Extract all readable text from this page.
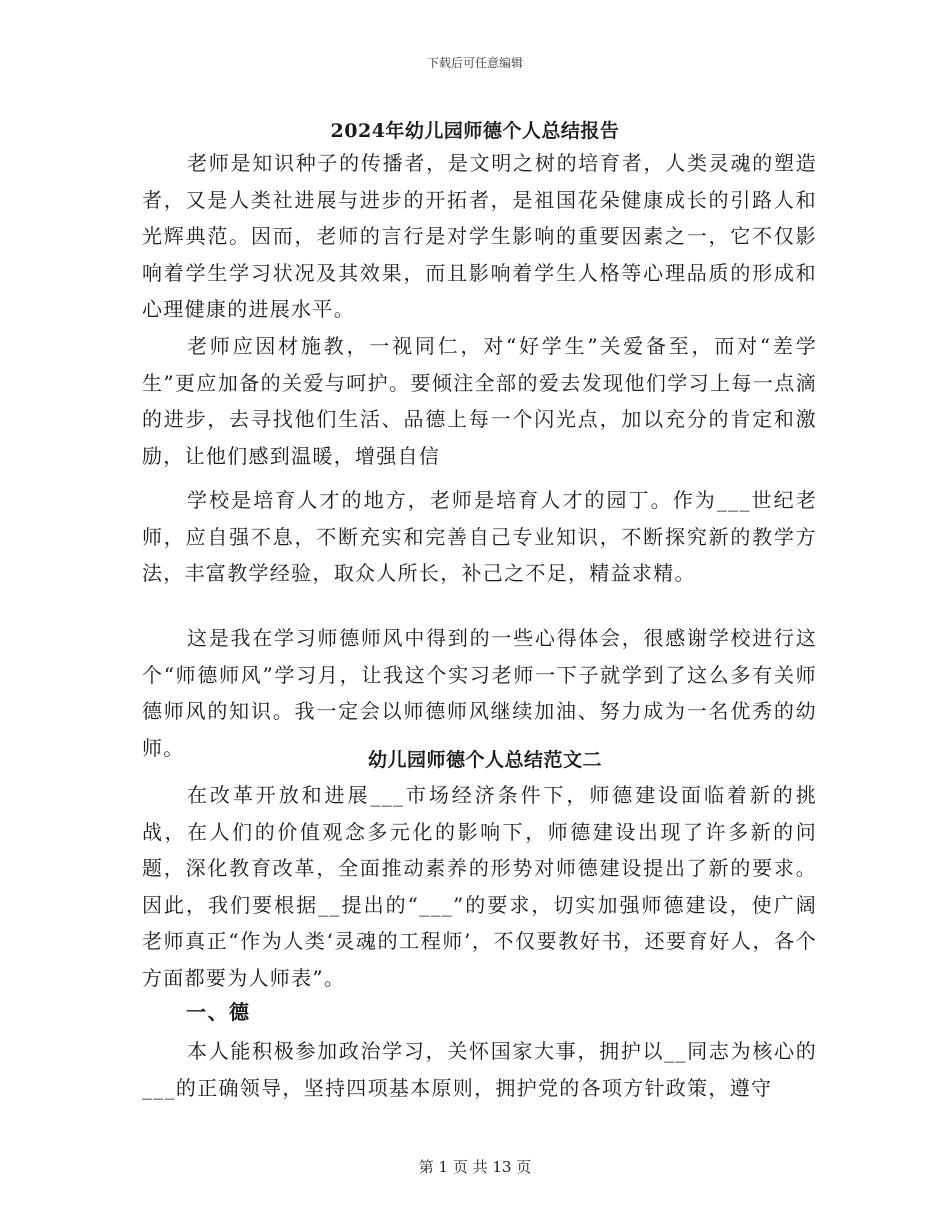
下载后可任意编辑
2024年幼儿园师德个人总结报告
老师是知识种子的传播者，是文明之树的培育者，人类灵魂的塑造者，又是人类社进展与进步的开拓者，是祖国花朵健康成长的引路人和光辉典范。因而，老师的言行是对学生影响的重要因素之一，它不仅影响着学生学习状况及其效果，而且影响着学生人格等心理品质的形成和心理健康的进展水平。
老师应因材施教，一视同仁，对“好学生”关爱备至，而对“差学生”更应加备的关爱与呵护。要倾注全部的爱去发现他们学习上每一点滴的进步，去寻找他们生活、品德上每一个闪光点，加以充分的肯定和激励，让他们感到温暖，增强自信
学校是培育人才的地方，老师是培育人才的园丁。作为___世纪老师，应自强不息，不断充实和完善自己专业知识，不断探究新的教学方法，丰富教学经验，取众人所长，补己之不足，精益求精。
这是我在学习师德师风中得到的一些心得体会，很感谢学校进行这个“师德师风”学习月，让我这个实习老师一下子就学到了这么多有关师德师风的知识。我一定会以师德师风继续加油、努力成为一名优秀的幼师。
幼儿园师德个人总结范文二
在改革开放和进展___市场经济条件下，师德建设面临着新的挑战，在人们的价值观念多元化的影响下，师德建设出现了许多新的问题，深化教育改革，全面推动素养的形势对师德建设提出了新的要求。因此，我们要根据__提出的“___”的要求，切实加强师德建设，使广阔老师真正“作为人类‘灵魂的工程师’，不仅要教好书，还要育好人，各个方面都要为人师表”。
一、德
本人能积极参加政治学习，关怀国家大事，拥护以__同志为核心的___的正确领导，坚持四项基本原则，拥护党的各项方针政策，遵守
第 1 页 共 13 页
